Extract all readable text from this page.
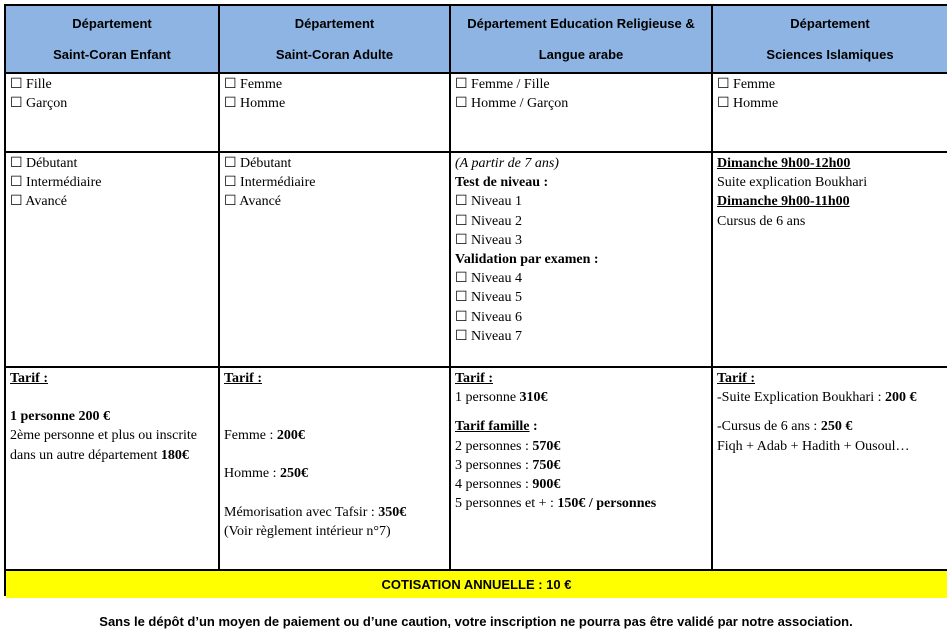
Département
Saint-Coran Enfant
Département
Saint-Coran Adulte
Département Education Religieuse &
Langue arabe
Département
Sciences Islamiques
☐ Fille
☐ Garçon
☐ Femme
☐ Homme
☐ Femme / Fille
☐ Homme / Garçon
☐ Femme
☐ Homme
☐ Débutant
☐ Intermédiaire
☐ Avancé
☐ Débutant
☐ Intermédiaire
☐ Avancé
(A partir de 7 ans)
Test de niveau :
☐ Niveau 1
☐ Niveau 2
☐ Niveau 3
Validation par examen :
☐ Niveau 4
☐ Niveau 5
☐ Niveau 6
☐ Niveau 7
Dimanche 9h00-12h00
Suite explication Boukhari
Dimanche 9h00-11h00
Cursus de 6 ans
Tarif :
1 personne 200 €
2ème personne et plus ou inscrite dans un autre département 180€
Tarif :
Femme : 200€
Homme : 250€
Mémorisation avec Tafsir : 350€
(Voir règlement intérieur n°7)
Tarif :
1 personne 310€
Tarif famille :
2 personnes : 570€
3 personnes : 750€
4 personnes : 900€
5 personnes et + : 150€ / personnes
Tarif :
-Suite Explication Boukhari : 200 €
-Cursus de 6 ans : 250 €
Fiqh + Adab + Hadith + Ousoul…
COTISATION ANNUELLE : 10 €
Sans le dépôt d’un moyen de paiement ou d’une caution, votre inscription ne pourra pas être validé par notre association.
